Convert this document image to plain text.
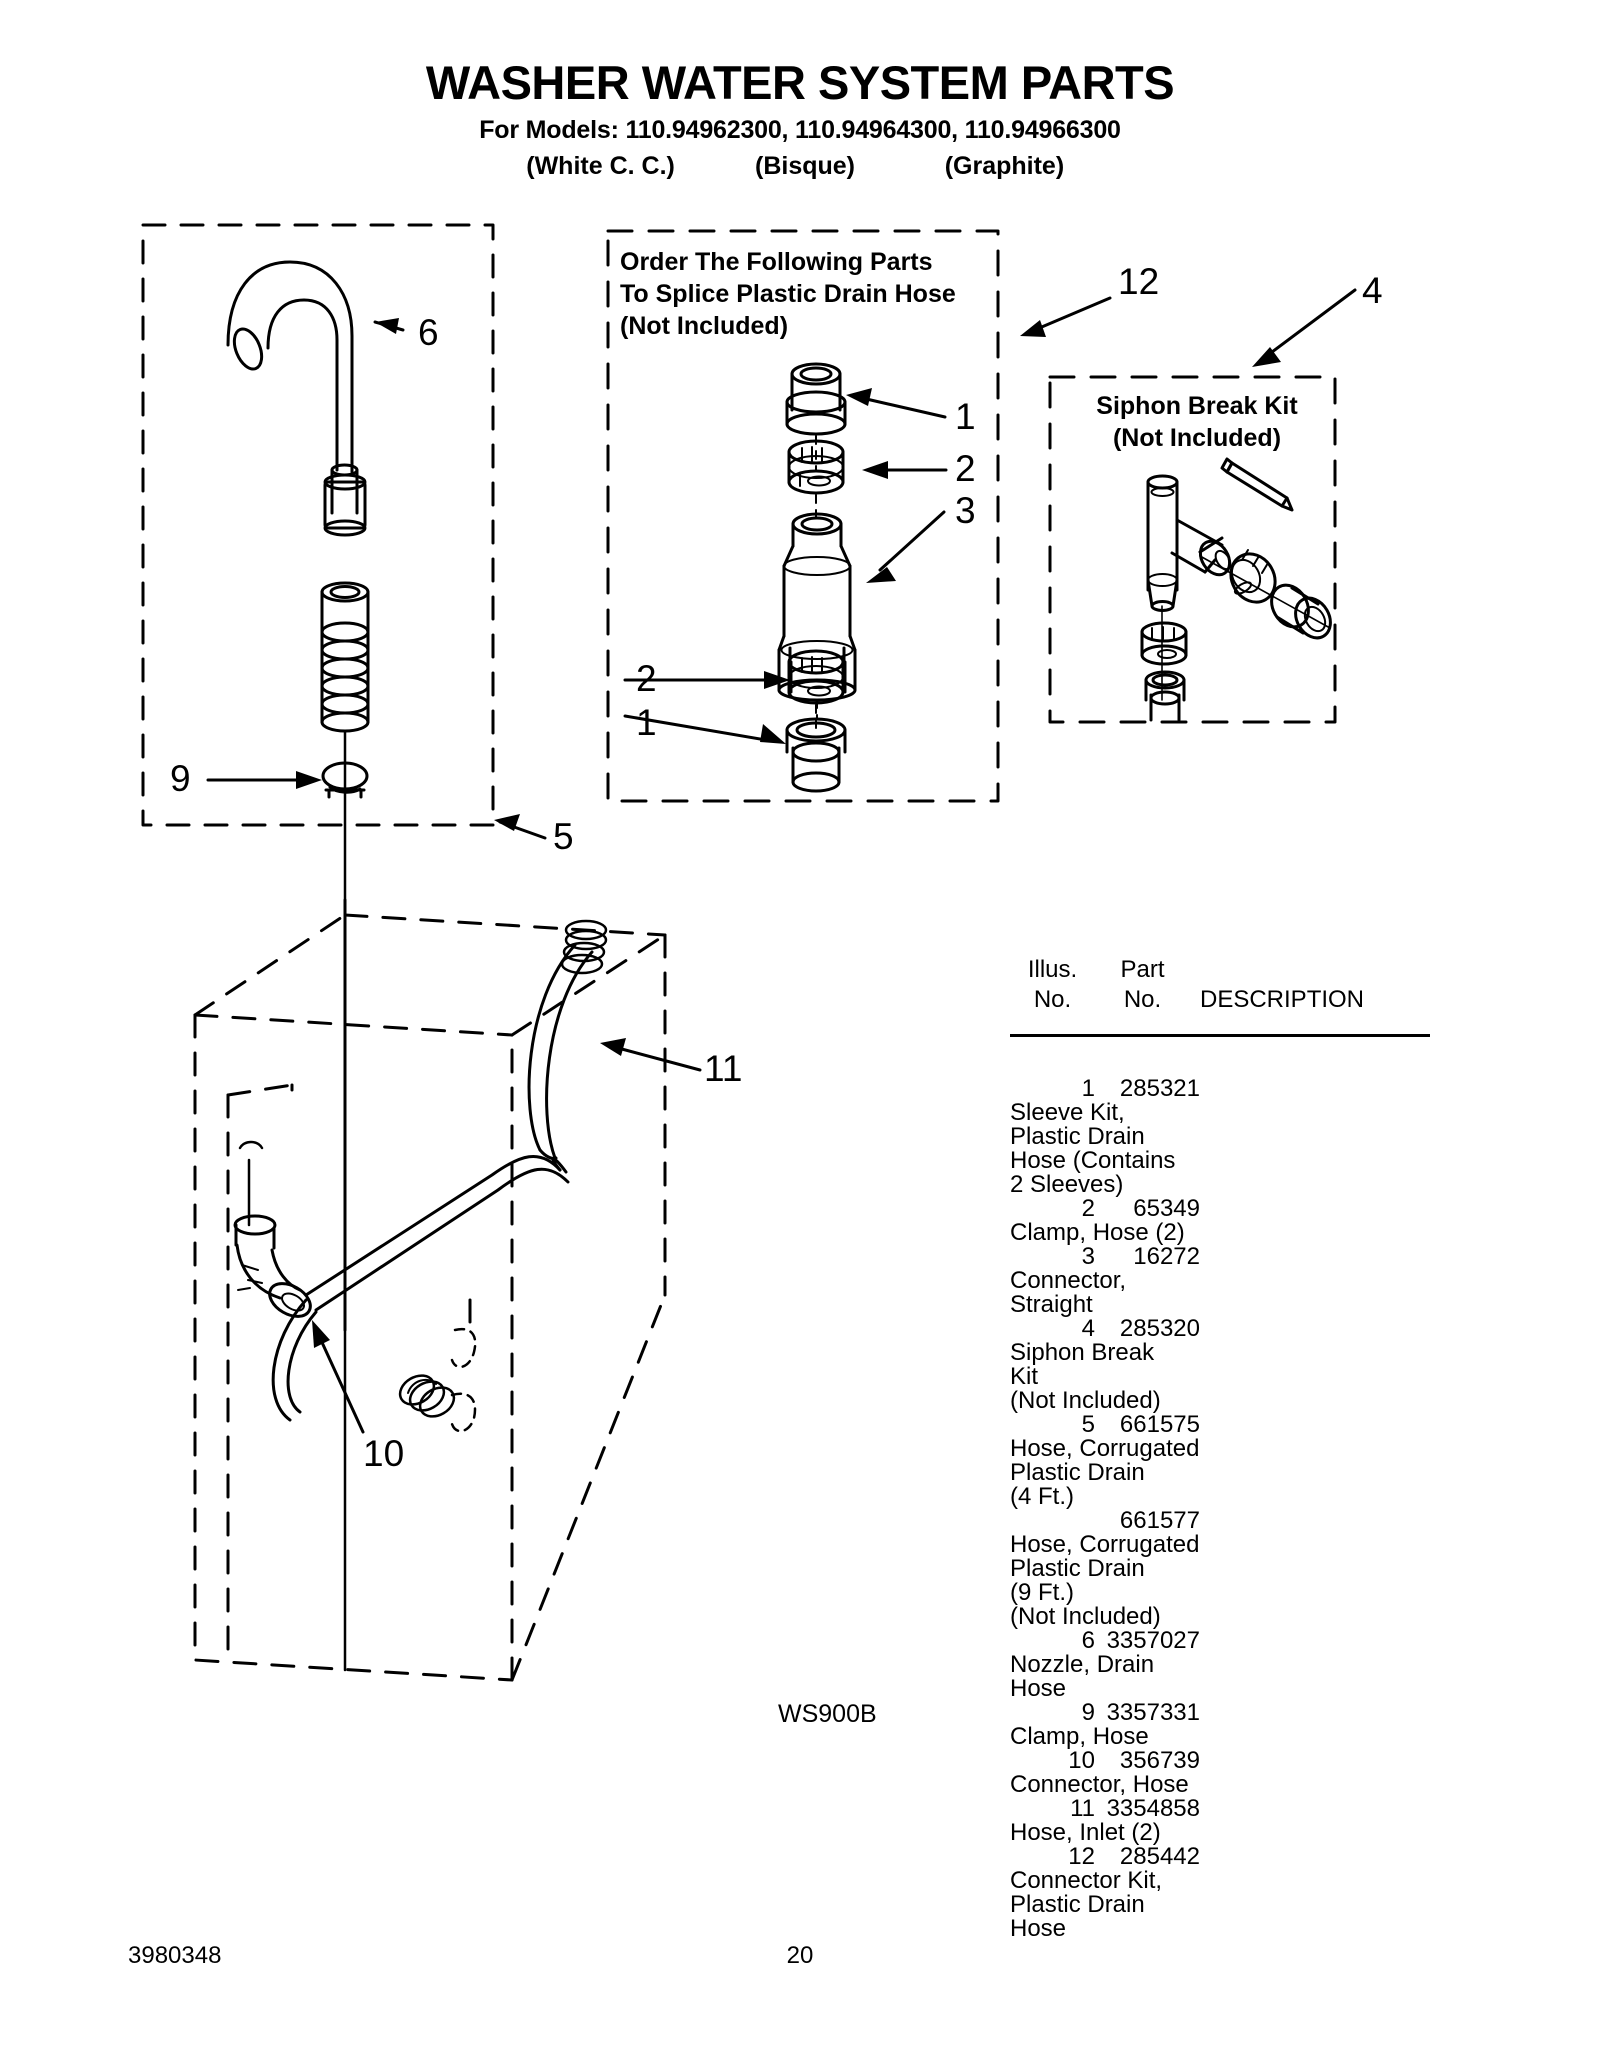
WASHER WATER SYSTEM PARTS
For Models: 110.94962300, 110.94964300, 110.94966300
(White C. C.)	(Bisque)	(Graphite)
Order The Following Parts
To Splice Plastic Drain Hose
(Not Included)
Siphon Break Kit
(Not Included)
6
9
5
1
2
3
2
1
12	4
11
10
WS900B
Illus.
No.
Part
No.	DESCRIPTION
1	285321
Sleeve Kit,
Plastic Drain
Hose (Contains
2 Sleeves)
2	65349
Clamp, Hose (2)
3	16272
Connector,
Straight
4	285320
Siphon Break
Kit
(Not Included)
5	661575
Hose, Corrugated
Plastic Drain
(4 Ft.)
661577
Hose, Corrugated
Plastic Drain
(9 Ft.)
(Not Included)
6 3357027
Nozzle, Drain
Hose
9 3357331
Clamp, Hose
10	356739
Connector, Hose
11 3354858
Hose, Inlet (2)
12	285442
Connector Kit,
Plastic Drain
Hose
3980348	20
